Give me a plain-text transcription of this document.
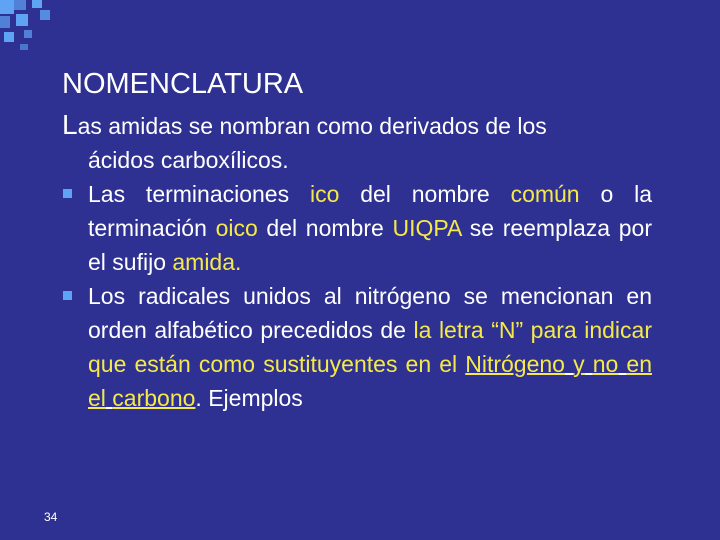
NOMENCLATURA
Las amidas se nombran como derivados de los
ácidos carboxílicos.
Las terminaciones ico del nombre común o la terminación oico del nombre UIQPA se reemplaza por el sufijo amida.
Los radicales unidos al nitrógeno se mencionan en orden alfabético precedidos de la letra “N” para indicar que están como sustituyentes en el Nitrógeno y no en el carbono. Ejemplos
34
